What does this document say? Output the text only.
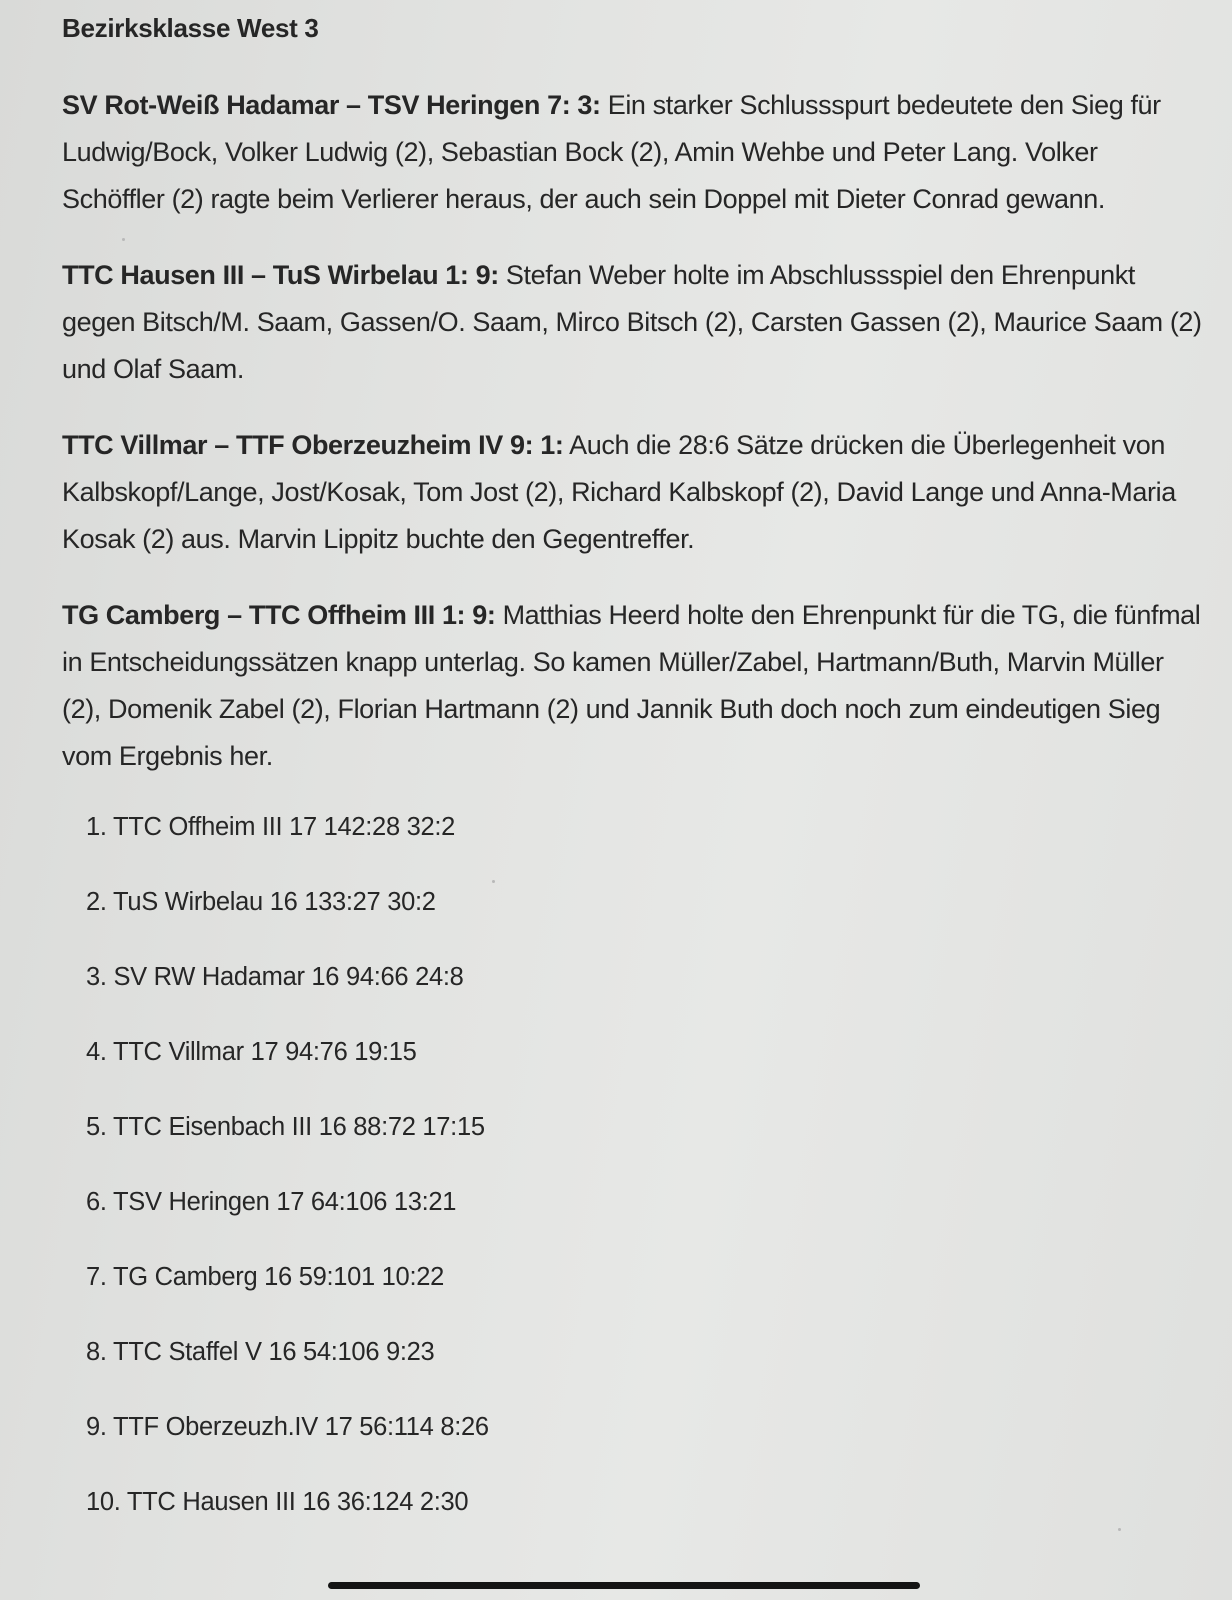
Bezirksklasse West 3

SV Rot-Weiß Hadamar – TSV Heringen 7: 3: Ein starker Schlussspurt bedeutete den Sieg für Ludwig/Bock, Volker Ludwig (2), Sebastian Bock (2), Amin Wehbe und Peter Lang. Volker Schöffler (2) ragte beim Verlierer heraus, der auch sein Doppel mit Dieter Conrad gewann.

TTC Hausen III – TuS Wirbelau 1: 9: Stefan Weber holte im Abschlussspiel den Ehrenpunkt gegen Bitsch/M. Saam, Gassen/O. Saam, Mirco Bitsch (2), Carsten Gassen (2), Maurice Saam (2) und Olaf Saam.

TTC Villmar – TTF Oberzeuzheim IV 9: 1: Auch die 28:6 Sätze drücken die Überlegenheit von Kalbskopf/Lange, Jost/Kosak, Tom Jost (2), Richard Kalbskopf (2), David Lange und Anna-Maria Kosak (2) aus. Marvin Lippitz buchte den Gegentreffer.

TG Camberg – TTC Offheim III 1: 9: Matthias Heerd holte den Ehrenpunkt für die TG, die fünfmal in Entscheidungssätzen knapp unterlag. So kamen Müller/Zabel, Hartmann/Buth, Marvin Müller (2), Domenik Zabel (2), Florian Hartmann (2) und Jannik Buth doch noch zum eindeutigen Sieg vom Ergebnis her.

1. TTC Offheim III 17 142:28 32:2
2. TuS Wirbelau 16 133:27 30:2
3. SV RW Hadamar 16 94:66 24:8
4. TTC Villmar 17 94:76 19:15
5. TTC Eisenbach III 16 88:72 17:15
6. TSV Heringen 17 64:106 13:21
7. TG Camberg 16 59:101 10:22
8. TTC Staffel V 16 54:106 9:23
9. TTF Oberzeuzh.IV 17 56:114 8:26
10. TTC Hausen III 16 36:124 2:30
